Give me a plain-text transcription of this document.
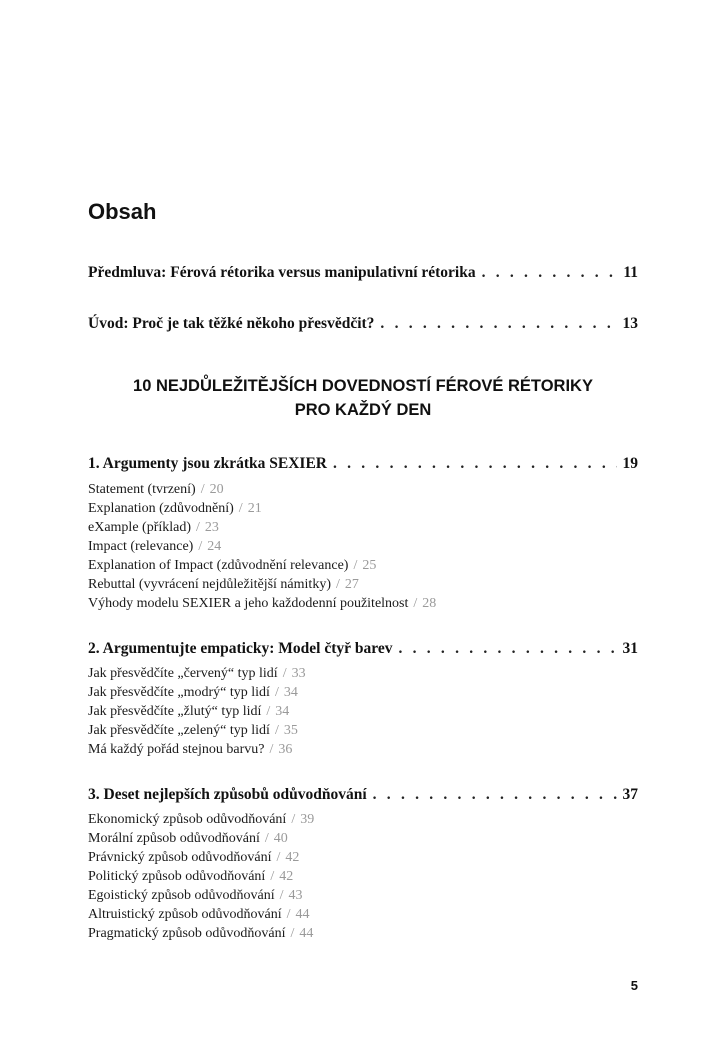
Obsah
Předmluva: Férová rétorika versus manipulativní rétorika . . .	11
Úvod: Proč je tak těžké někoho přesvědčit? . . .	13
10 NEJDŮLEŽITĚJŠÍCH DOVEDNOSTÍ FÉROVÉ RÉTORIKY
PRO KAŽDÝ DEN
1. Argumenty jsou zkrátka SEXIER . . .	19
Statement (tvrzení) / 20
Explanation (zdůvodnění) / 21
eXample (příklad) / 23
Impact (relevance) / 24
Explanation of Impact (zdůvodnění relevance) / 25
Rebuttal (vyvrácení nejdůležitější námitky) / 27
Výhody modelu SEXIER a jeho každodenní použitelnost / 28
2. Argumentujte empaticky: Model čtyř barev . . .	31
Jak přesvědčíte „červený“ typ lidí / 33
Jak přesvědčíte „modrý“ typ lidí / 34
Jak přesvědčíte „žlutý“ typ lidí / 34
Jak přesvědčíte „zelený“ typ lidí / 35
Má každý pořád stejnou barvu? / 36
3. Deset nejlepších způsobů odůvodňování . . .	37
Ekonomický způsob odůvodňování / 39
Morální způsob odůvodňování / 40
Právnický způsob odůvodňování / 42
Politický způsob odůvodňování / 42
Egoistický způsob odůvodňování / 43
Altruistický způsob odůvodňování / 44
Pragmatický způsob odůvodňování / 44
5
